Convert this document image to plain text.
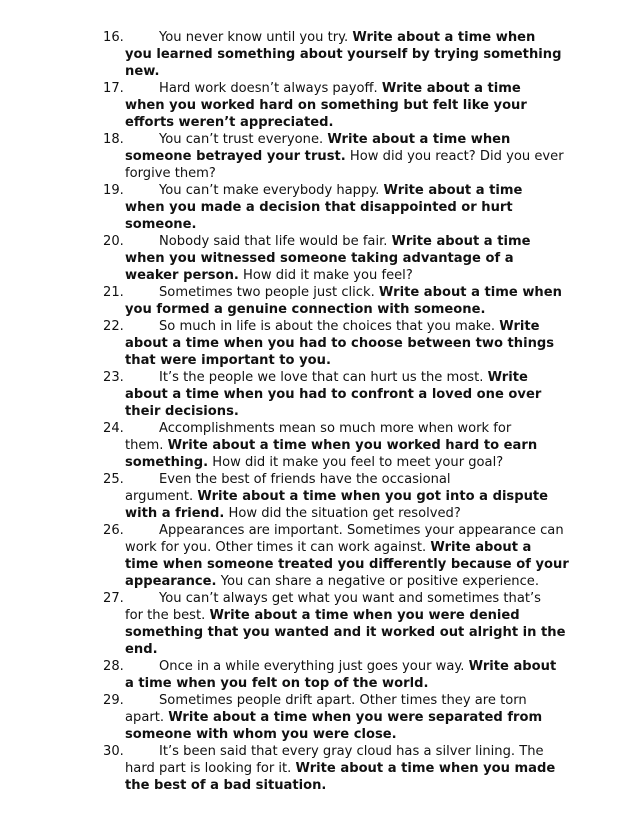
16.	You never know until you try. Write about a time when
you learned something about yourself by trying something
new.
17.	Hard work doesn’t always payoff. Write about a time
when you worked hard on something but felt like your
efforts weren’t appreciated.
18.	You can’t trust everyone. Write about a time when
someone betrayed your trust. How did you react? Did you ever
forgive them?
19.	You can’t make everybody happy. Write about a time
when you made a decision that disappointed or hurt
someone.
20.	Nobody said that life would be fair. Write about a time
when you witnessed someone taking advantage of a
weaker person. How did it make you feel?
21.	Sometimes two people just click. Write about a time when
you formed a genuine connection with someone.
22.	So much in life is about the choices that you make. Write
about a time when you had to choose between two things
that were important to you.
23.	It’s the people we love that can hurt us the most. Write
about a time when you had to confront a loved one over
their decisions.
24.	Accomplishments mean so much more when work for
them. Write about a time when you worked hard to earn
something. How did it make you feel to meet your goal?
25.	Even the best of friends have the occasional
argument. Write about a time when you got into a dispute
with a friend. How did the situation get resolved?
26.	Appearances are important. Sometimes your appearance can
work for you. Other times it can work against. Write about a
time when someone treated you differently because of your
appearance. You can share a negative or positive experience.
27.	You can’t always get what you want and sometimes that’s
for the best. Write about a time when you were denied
something that you wanted and it worked out alright in the
end.
28.	Once in a while everything just goes your way. Write about
a time when you felt on top of the world.
29.	Sometimes people drift apart. Other times they are torn
apart. Write about a time when you were separated from
someone with whom you were close.
30.	It’s been said that every gray cloud has a silver lining. The
hard part is looking for it. Write about a time when you made
the best of a bad situation.
